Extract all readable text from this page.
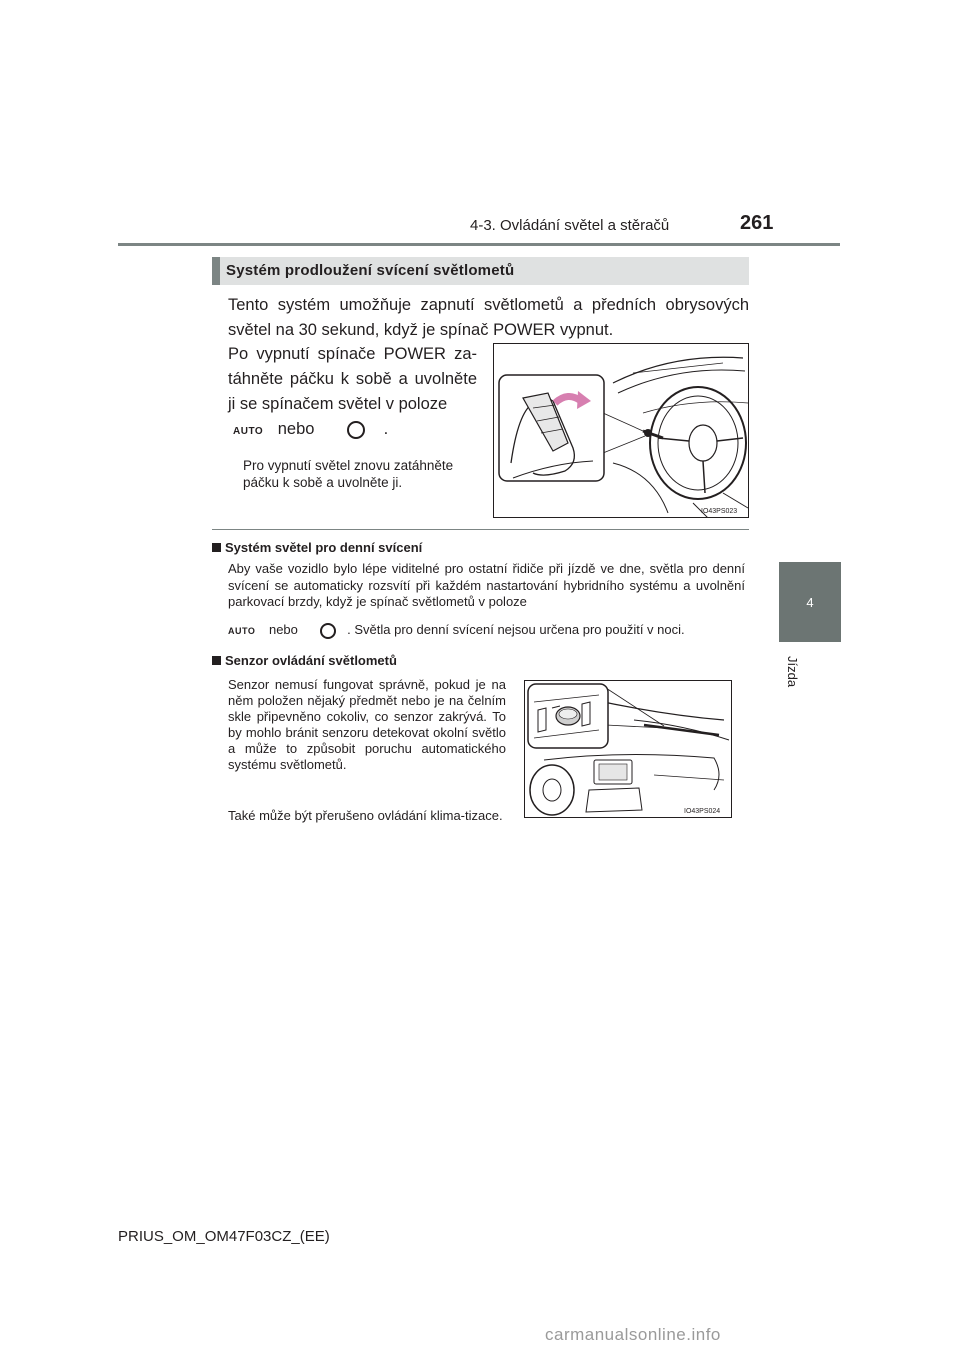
4-3. Ovládání světel a stěračů	261
4
Jízda
Systém prodloužení svícení světlometů
Tento systém umožňuje zapnutí světlometů a předních obrysových světel na 30 sekund, když je spínač POWER vypnut.
Po vypnutí spínače POWER za-táhněte páčku k sobě a uvolněte ji se spínačem světel v poloze
AUTO nebo	.
Pro vypnutí světel znovu zatáhněte páčku k sobě a uvolněte ji.
IO43PS023
Systém světel pro denní svícení
Aby vaše vozidlo bylo lépe viditelné pro ostatní řidiče při jízdě ve dne, světla pro denní svícení se automaticky rozsvítí při každém nastartování hybridního systému a uvolnění parkovací brzdy, když je spínač světlometů v poloze
AUTO nebo	. Světla pro denní svícení nejsou určena pro použití v noci.
Senzor ovládání světlometů
Senzor nemusí fungovat správně, pokud je na něm položen nějaký předmět nebo je na čelním skle připevněno cokoliv, co senzor zakrývá. To by mohlo bránit senzoru detekovat okolní světlo a může to způsobit poruchu automatického systému světlometů.
Také může být přerušeno ovládání klima-tizace.	IO43PS024
PRIUS_OM_OM47F03CZ_(EE)
carmanualsonline.info
